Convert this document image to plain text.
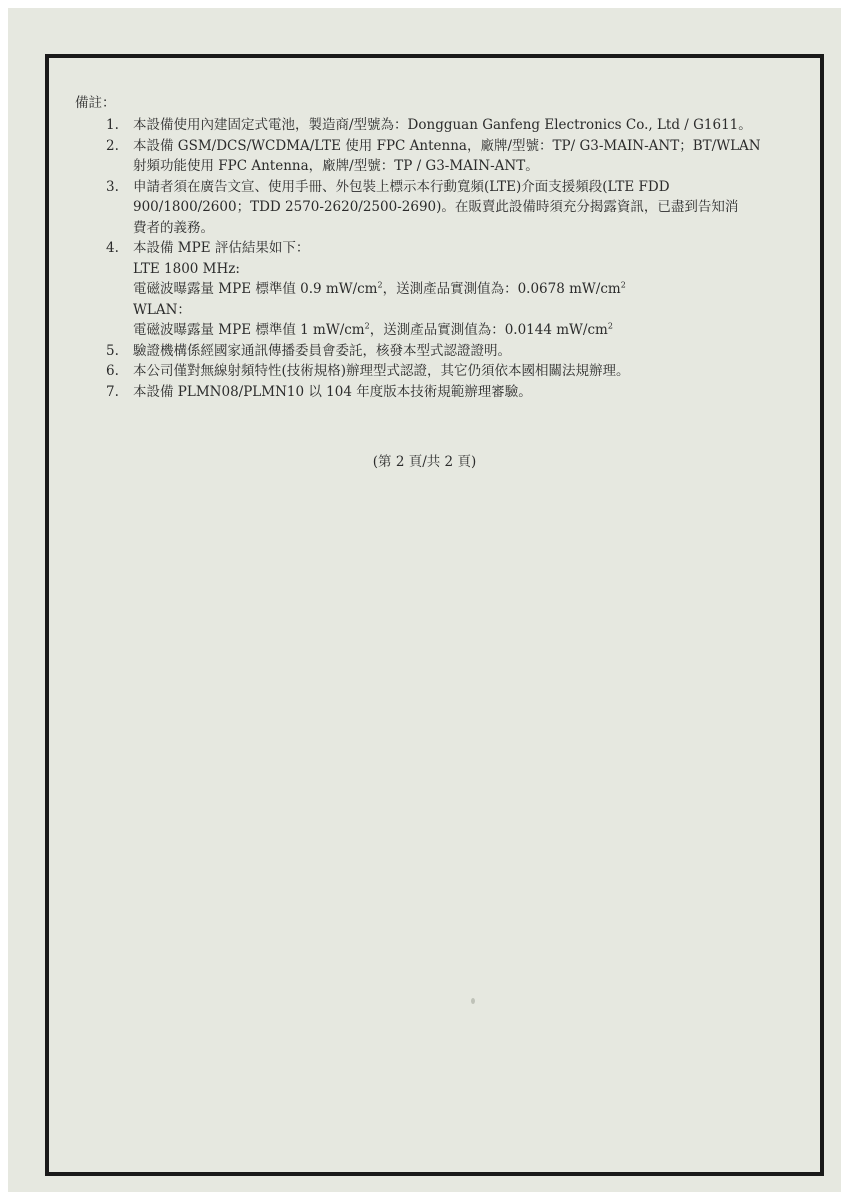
備註：
1. 本設備使用內建固定式電池，製造商/型號為：Dongguan Ganfeng Electronics Co., Ltd / G1611。
2. 本設備 GSM/DCS/WCDMA/LTE 使用 FPC Antenna，廠牌/型號：TP/ G3-MAIN-ANT；BT/WLAN
射頻功能使用 FPC Antenna，廠牌/型號：TP / G3-MAIN-ANT。
3. 申請者須在廣告文宣、使用手冊、外包裝上標示本行動寬頻(LTE)介面支援頻段(LTE FDD
900/1800/2600；TDD 2570-2620/2500-2690)。在販賣此設備時須充分揭露資訊，已盡到告知消
費者的義務。
4. 本設備 MPE 評估結果如下：
LTE 1800 MHz:
電磁波曝露量 MPE 標準值 0.9 $mW/cm^2$，送測產品實測值為：0.0678 $mW/cm^2$
WLAN：
電磁波曝露量 MPE 標準值 1 $mW/cm^2$，送測產品實測值為：0.0144 $mW/cm^2$
5. 驗證機構係經國家通訊傳播委員會委託，核發本型式認證證明。
6. 本公司僅對無線射頻特性(技術規格)辦理型式認證，其它仍須依本國相關法規辦理。
7. 本設備 PLMN08/PLMN10 以 104 年度版本技術規範辦理審驗。
(第 2 頁/共 2 頁)
